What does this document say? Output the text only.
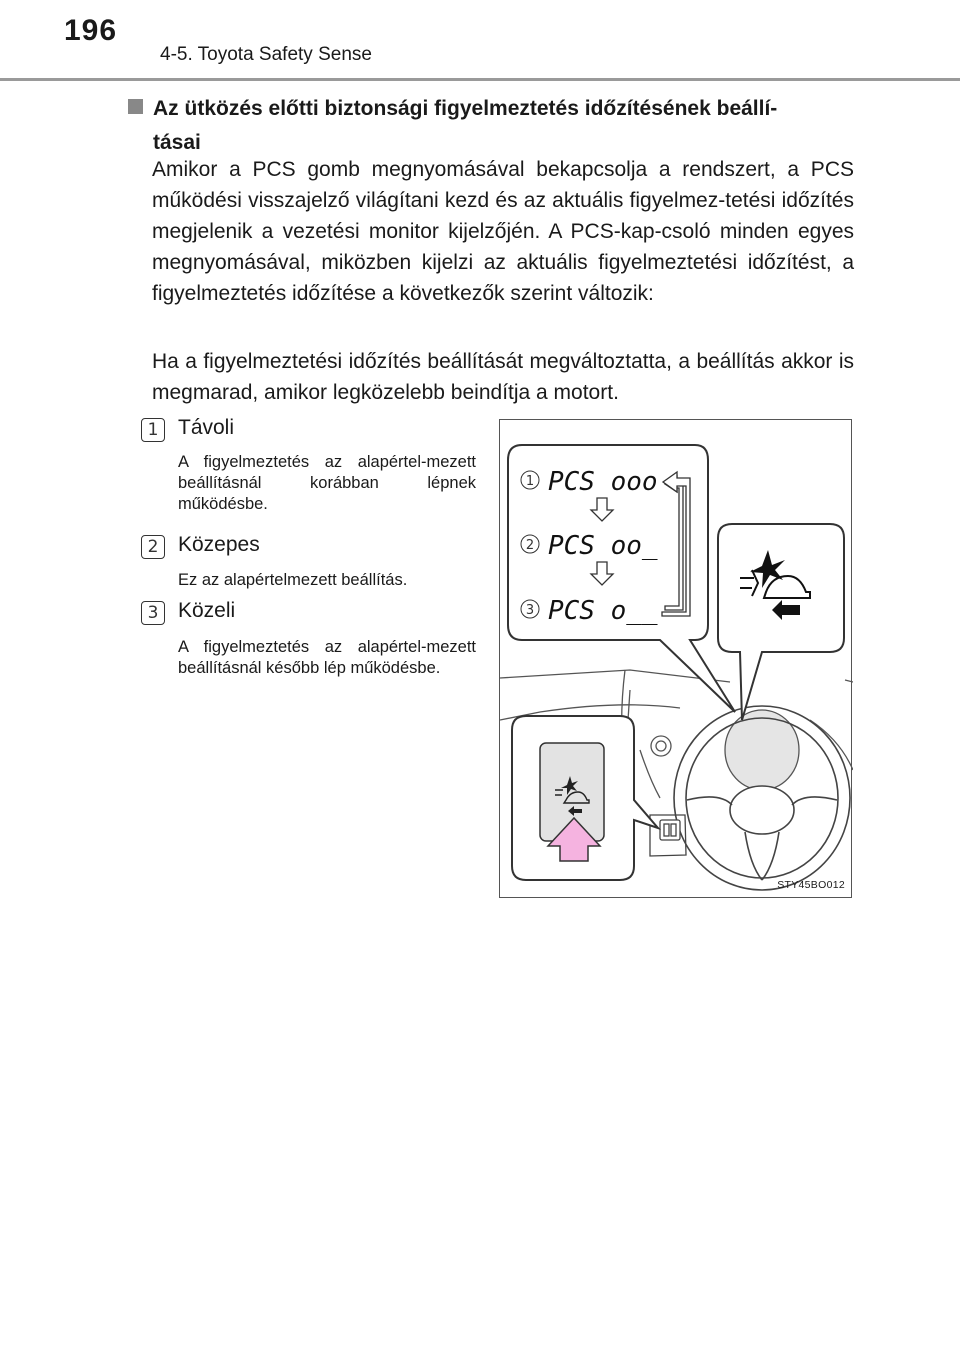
196
4-5. Toyota Safety Sense
Az ütközés előtti biztonsági figyelmeztetés időzítésének beállí-
tásai
Amikor a PCS gomb megnyomásával bekapcsolja a rendszert, a PCS működési visszajelző világítani kezd és az aktuális figyelmez-tetési időzítés megjelenik a vezetési monitor kijelzőjén. A PCS-kap-csoló minden egyes megnyomásával, miközben kijelzi az aktuális figyelmeztetési időzítést, a figyelmeztetés időzítése a következők szerint változik:
Ha a figyelmeztetési időzítés beállítását megváltoztatta, a beállítás akkor is megmarad, amikor legközelebb beindítja a motort.
1 Távoli
A figyelmeztetés az alapértel-mezett beállításnál korábban lépnek működésbe.
2 Közepes
Ez az alapértelmezett beállítás.
3 Közeli
A figyelmeztetés az alapértel-mezett beállításnál később lép működésbe.
1 PCS ooo
2 PCS oo_
3 PCS o__
STY45BO012
